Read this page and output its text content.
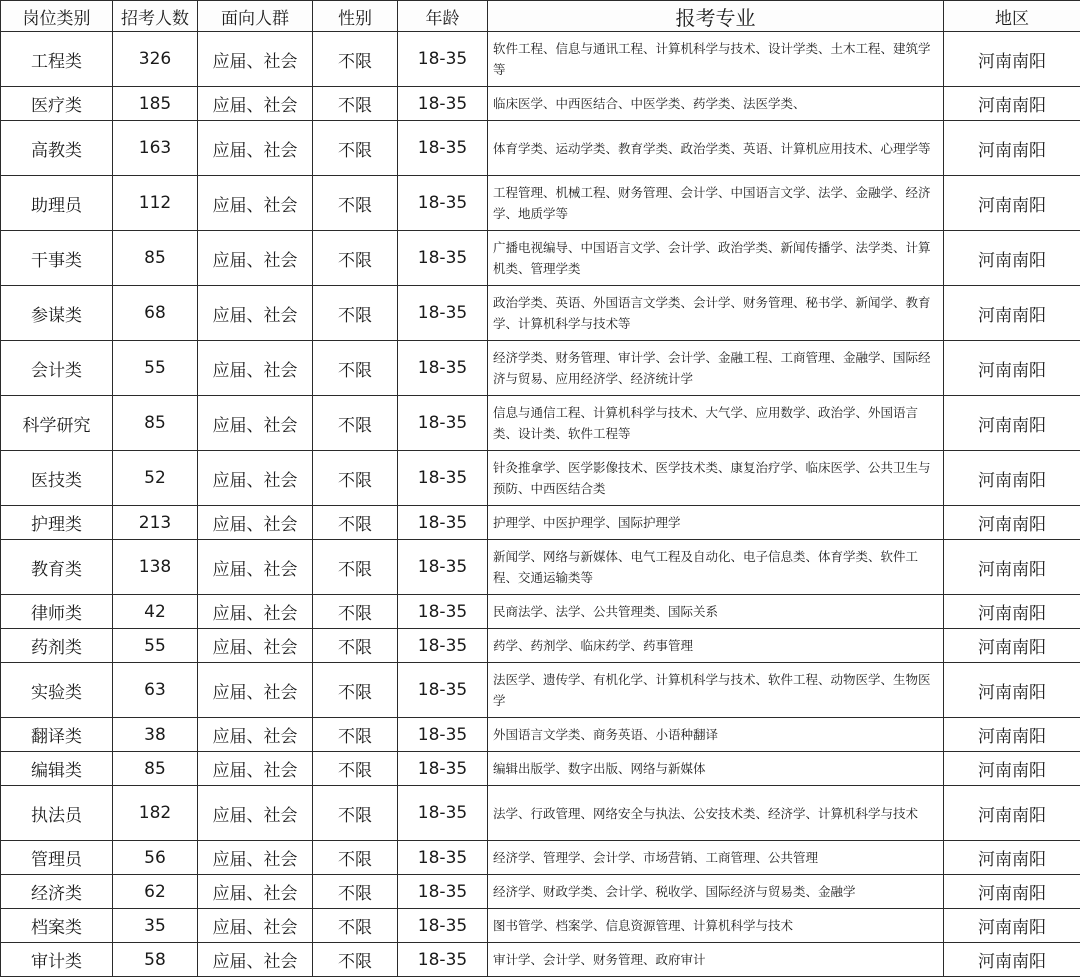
岗位类别	招考人数	面向人群	性别	年龄	报考专业	地区
工程类	326	应届、社会	不限	18-35	软件工程、信息与通讯工程、计算机科学与技术、设计学类、土木工程、建筑学等	河南南阳
医疗类	185	应届、社会	不限	18-35	临床医学、中西医结合、中医学类、药学类、法医学类、	河南南阳
高教类	163	应届、社会	不限	18-35	体育学类、运动学类、教育学类、政治学类、英语、计算机应用技术、心理学等	河南南阳
助理员	112	应届、社会	不限	18-35	工程管理、机械工程、财务管理、会计学、中国语言文学、法学、金融学、经济学、地质学等	河南南阳
干事类	85	应届、社会	不限	18-35	广播电视编导、中国语言文学、会计学、政治学类、新闻传播学、法学类、计算机类、管理学类	河南南阳
参谋类	68	应届、社会	不限	18-35	政治学类、英语、外国语言文学类、会计学、财务管理、秘书学、新闻学、教育学、计算机科学与技术等	河南南阳
会计类	55	应届、社会	不限	18-35	经济学类、财务管理、审计学、会计学、金融工程、工商管理、金融学、国际经济与贸易、应用经济学、经济统计学	河南南阳
科学研究	85	应届、社会	不限	18-35	信息与通信工程、计算机科学与技术、大气学、应用数学、政治学、外国语言类、设计类、软件工程等	河南南阳
医技类	52	应届、社会	不限	18-35	针灸推拿学、医学影像技术、医学技术类、康复治疗学、临床医学、公共卫生与预防、中西医结合类	河南南阳
护理类	213	应届、社会	不限	18-35	护理学、中医护理学、国际护理学	河南南阳
教育类	138	应届、社会	不限	18-35	新闻学、网络与新媒体、电气工程及自动化、电子信息类、体育学类、软件工程、交通运输类等	河南南阳
律师类	42	应届、社会	不限	18-35	民商法学、法学、公共管理类、国际关系	河南南阳
药剂类	55	应届、社会	不限	18-35	药学、药剂学、临床药学、药事管理	河南南阳
实验类	63	应届、社会	不限	18-35	法医学、遗传学、有机化学、计算机科学与技术、软件工程、动物医学、生物医学	河南南阳
翻译类	38	应届、社会	不限	18-35	外国语言文学类、商务英语、小语种翻译	河南南阳
编辑类	85	应届、社会	不限	18-35	编辑出版学、数字出版、网络与新媒体	河南南阳
执法员	182	应届、社会	不限	18-35	法学、行政管理、网络安全与执法、公安技术类、经济学、计算机科学与技术	河南南阳
管理员	56	应届、社会	不限	18-35	经济学、管理学、会计学、市场营销、工商管理、公共管理	河南南阳
经济类	62	应届、社会	不限	18-35	经济学、财政学类、会计学、税收学、国际经济与贸易类、金融学	河南南阳
档案类	35	应届、社会	不限	18-35	图书管学、档案学、信息资源管理、计算机科学与技术	河南南阳
审计类	58	应届、社会	不限	18-35	审计学、会计学、财务管理、政府审计	河南南阳
